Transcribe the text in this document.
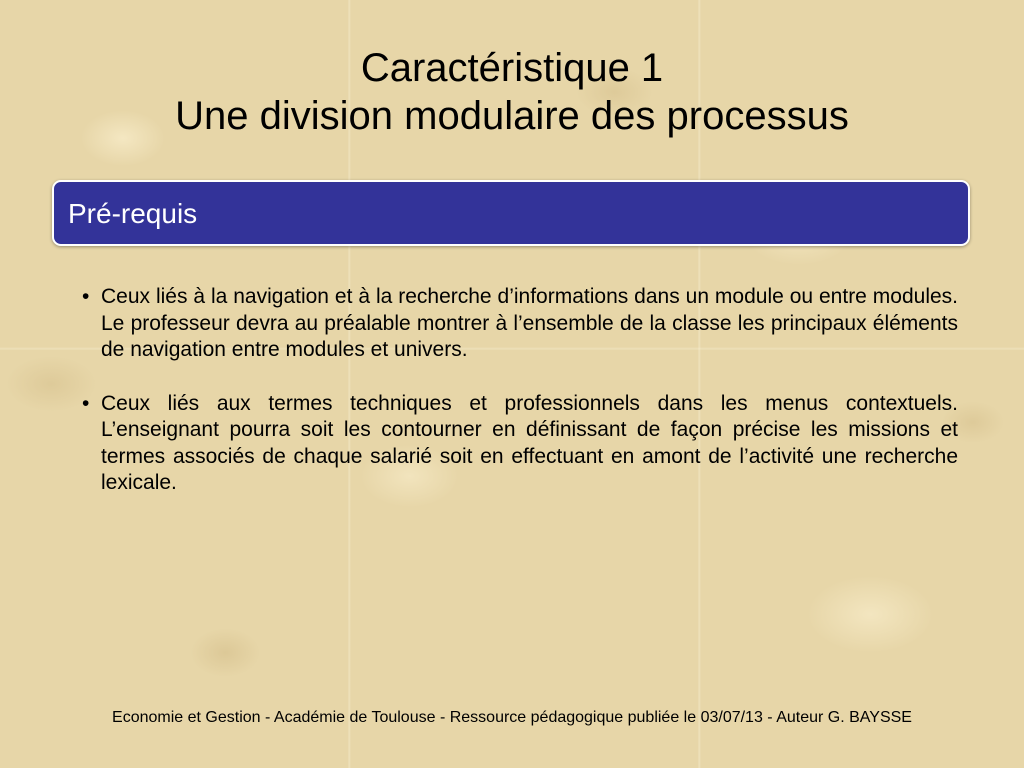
Caractéristique 1
Une division modulaire des processus
Pré-requis
• Ceux liés à la navigation et à la recherche d’informations dans un module ou entre modules. Le professeur devra au préalable montrer à l’ensemble de la classe les principaux éléments de navigation entre modules et univers.
• Ceux liés aux termes techniques et professionnels dans les menus contextuels. L’enseignant pourra soit les contourner en définissant de façon précise les missions et termes associés de chaque salarié soit en effectuant en amont de l’activité une recherche lexicale.
Economie et Gestion - Académie de Toulouse - Ressource pédagogique publiée le 03/07/13 - Auteur G. BAYSSE
